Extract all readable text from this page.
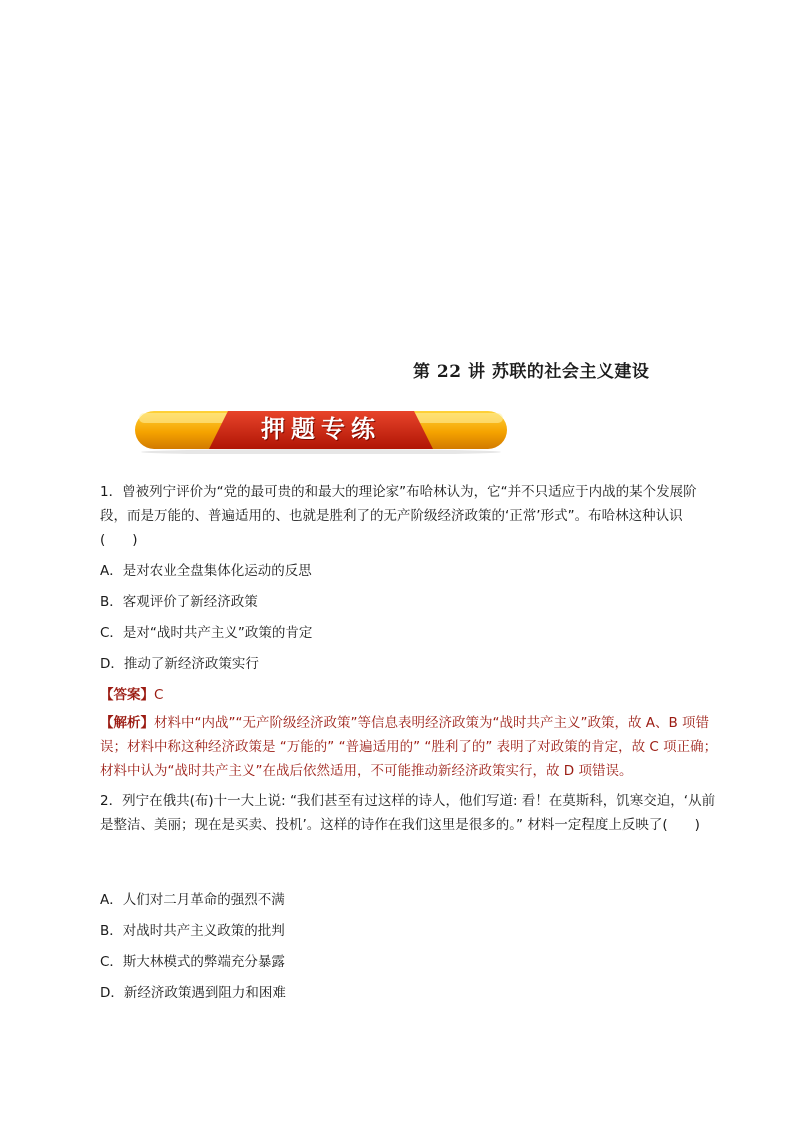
第 22 讲 苏联的社会主义建设
押题专练

1．曾被列宁评价为“党的最可贵的和最大的理论家”布哈林认为，它“并不只适应于内战的某个发展阶段，而是万能的、普遍适用的、也就是胜利了的无产阶级经济政策的‘正常’形式”。布哈林这种认识(　　)

A．是对农业全盘集体化运动的反思
B．客观评价了新经济政策
C．是对“战时共产主义”政策的肯定
D．推动了新经济政策实行
【答案】C

【解析】材料中“内战”“无产阶级经济政策”等信息表明经济政策为“战时共产主义”政策，故 A、B 项错误；材料中称这种经济政策是 “万能的” “普遍适用的” “胜利了的” 表明了对政策的肯定，故 C 项正确；材料中认为“战时共产主义”在战后依然适用，不可能推动新经济政策实行，故 D 项错误。

2．列宁在俄共(布)十一大上说: “我们甚至有过这样的诗人，他们写道: 看！在莫斯科，饥寒交迫，‘从前是整洁、美丽；现在是买卖、投机’。这样的诗作在我们这里是很多的。” 材料一定程度上反映了(　　)

A．人们对二月革命的强烈不满
B．对战时共产主义政策的批判
C．斯大林模式的弊端充分暴露
D．新经济政策遇到阻力和困难
